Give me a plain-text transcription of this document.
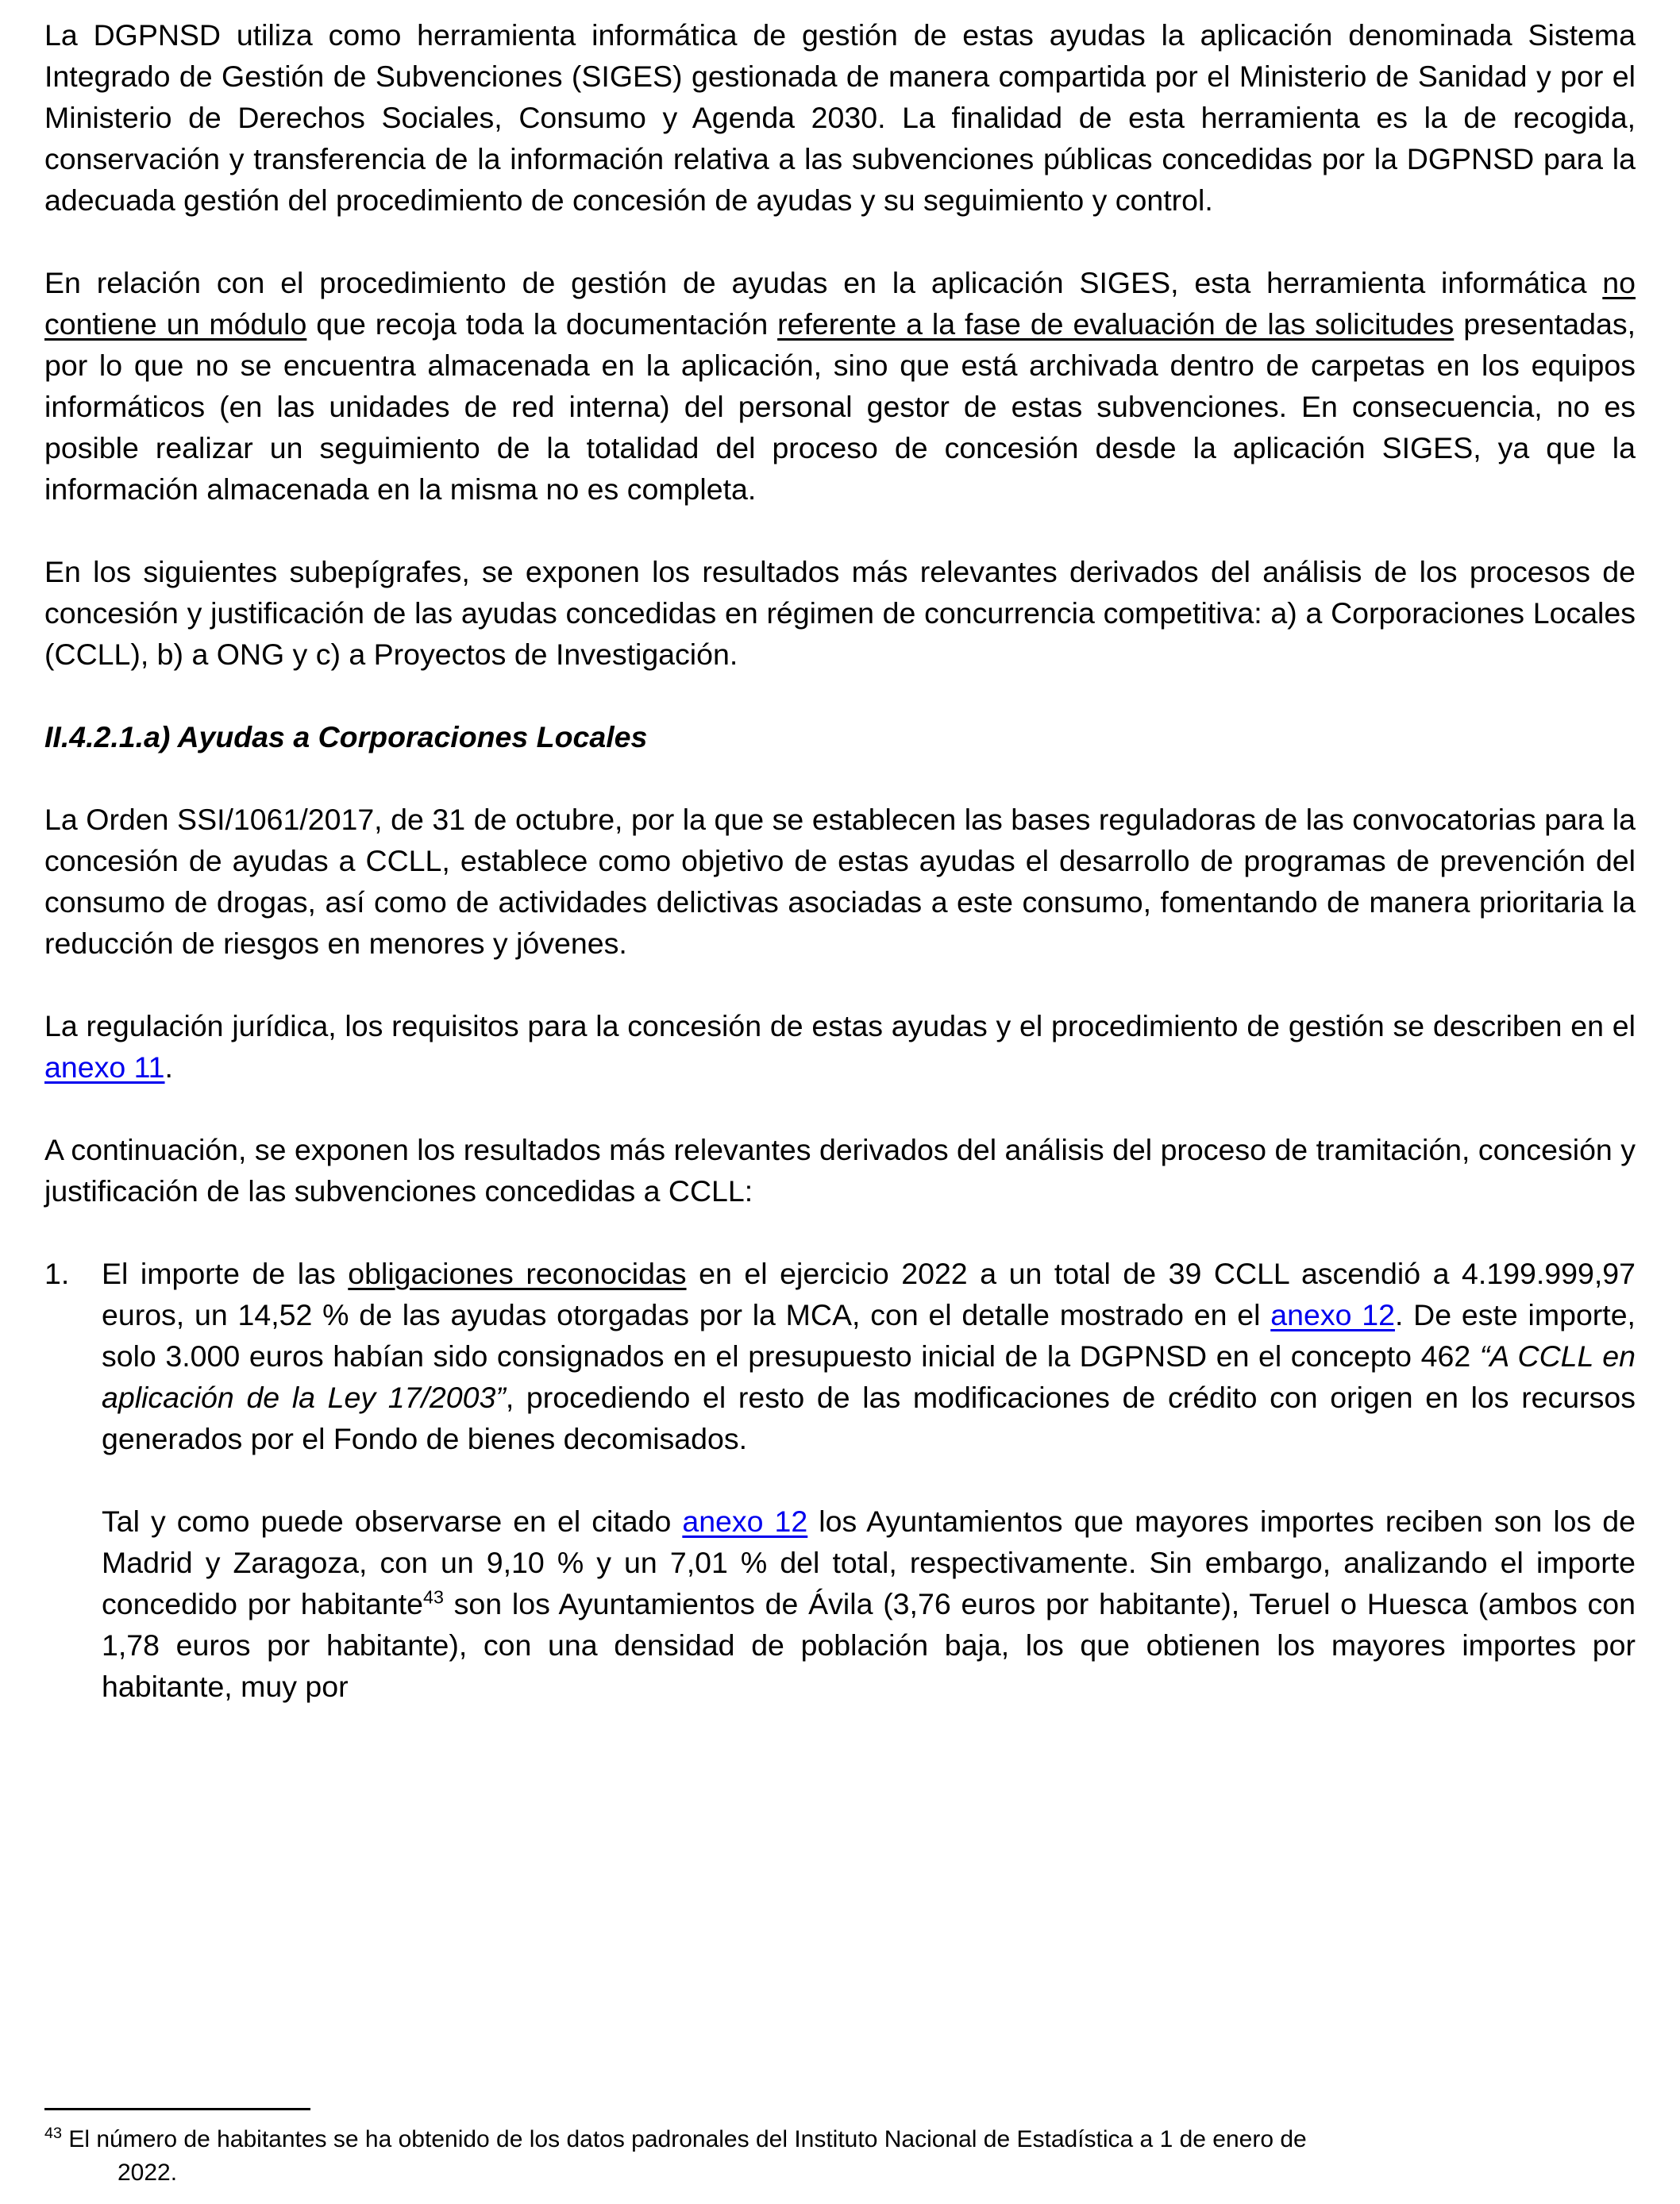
La DGPNSD utiliza como herramienta informática de gestión de estas ayudas la aplicación denominada Sistema Integrado de Gestión de Subvenciones (SIGES) gestionada de manera compartida por el Ministerio de Sanidad y por el Ministerio de Derechos Sociales, Consumo y Agenda 2030. La finalidad de esta herramienta es la de recogida, conservación y transferencia de la información relativa a las subvenciones públicas concedidas por la DGPNSD para la adecuada gestión del procedimiento de concesión de ayudas y su seguimiento y control.

En relación con el procedimiento de gestión de ayudas en la aplicación SIGES, esta herramienta informática no contiene un módulo que recoja toda la documentación referente a la fase de evaluación de las solicitudes presentadas, por lo que no se encuentra almacenada en la aplicación, sino que está archivada dentro de carpetas en los equipos informáticos (en las unidades de red interna) del personal gestor de estas subvenciones. En consecuencia, no es posible realizar un seguimiento de la totalidad del proceso de concesión desde la aplicación SIGES, ya que la información almacenada en la misma no es completa.

En los siguientes subepígrafes, se exponen los resultados más relevantes derivados del análisis de los procesos de concesión y justificación de las ayudas concedidas en régimen de concurrencia competitiva: a) a Corporaciones Locales (CCLL), b) a ONG y c) a Proyectos de Investigación.

II.4.2.1.a) Ayudas a Corporaciones Locales

La Orden SSI/1061/2017, de 31 de octubre, por la que se establecen las bases reguladoras de las convocatorias para la concesión de ayudas a CCLL, establece como objetivo de estas ayudas el desarrollo de programas de prevención del consumo de drogas, así como de actividades delictivas asociadas a este consumo, fomentando de manera prioritaria la reducción de riesgos en menores y jóvenes.

La regulación jurídica, los requisitos para la concesión de estas ayudas y el procedimiento de gestión se describen en el anexo 11.

A continuación, se exponen los resultados más relevantes derivados del análisis del proceso de tramitación, concesión y justificación de las subvenciones concedidas a CCLL:

1.	El importe de las obligaciones reconocidas en el ejercicio 2022 a un total de 39 CCLL ascendió a 4.199.999,97 euros, un 14,52 % de las ayudas otorgadas por la MCA, con el detalle mostrado en el anexo 12. De este importe, solo 3.000 euros habían sido consignados en el presupuesto inicial de la DGPNSD en el concepto 462 “A CCLL en aplicación de la Ley 17/2003”, procediendo el resto de las modificaciones de crédito con origen en los recursos generados por el Fondo de bienes decomisados.

Tal y como puede observarse en el citado anexo 12 los Ayuntamientos que mayores importes reciben son los de Madrid y Zaragoza, con un 9,10 % y un 7,01 % del total, respectivamente. Sin embargo, analizando el importe concedido por habitante$^{43}$ son los Ayuntamientos de Ávila (3,76 euros por habitante), Teruel o Huesca (ambos con 1,78 euros por habitante), con una densidad de población baja, los que obtienen los mayores importes por habitante, muy por

$^{43}$ El número de habitantes se ha obtenido de los datos padronales del Instituto Nacional de Estadística a 1 de enero de
2022.
